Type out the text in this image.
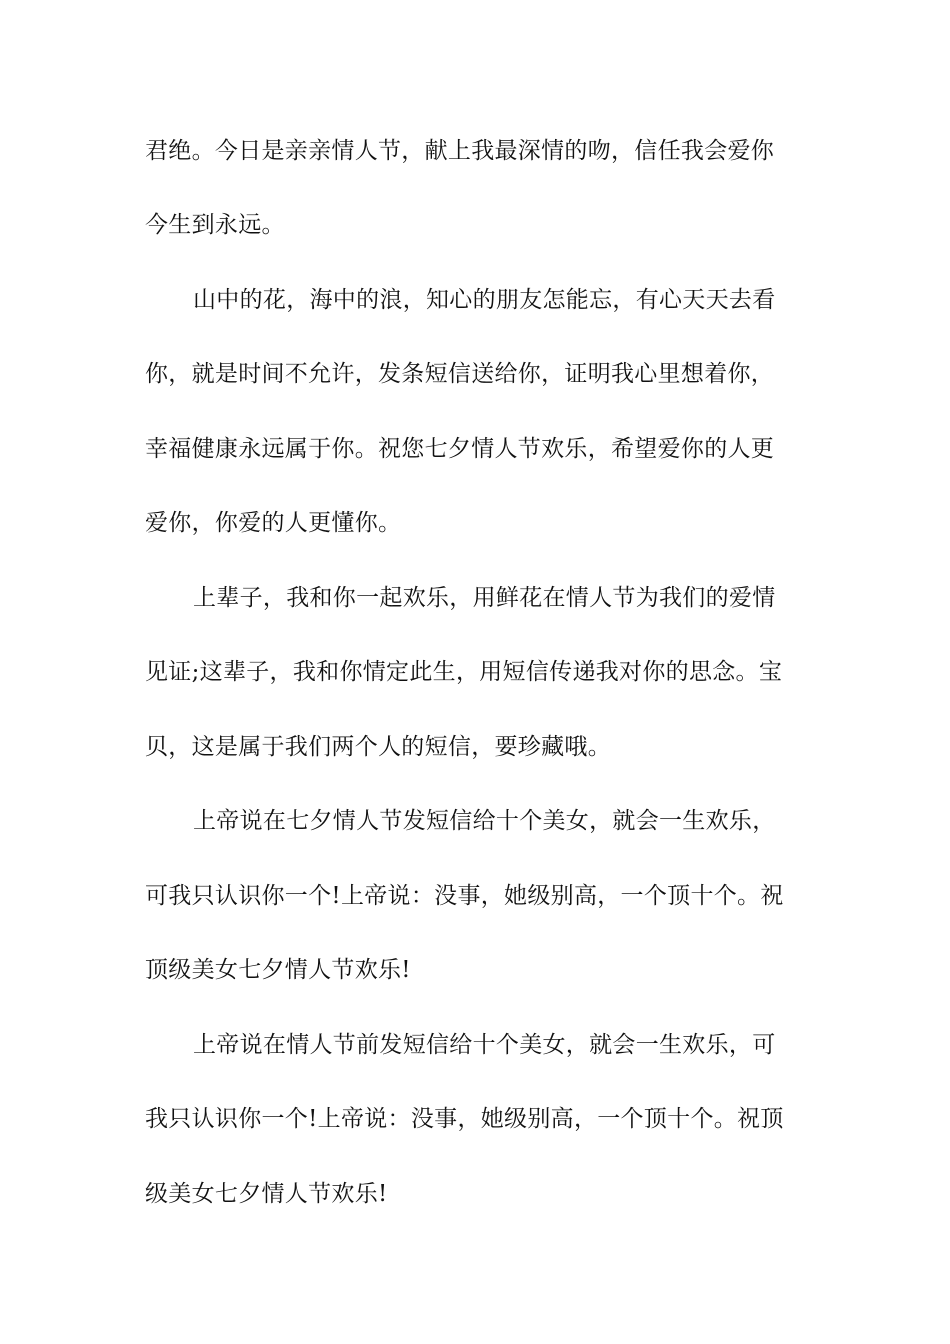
君绝。今日是亲亲情人节，献上我最深情的吻，信任我会爱你
今生到永远。
山中的花，海中的浪，知心的朋友怎能忘，有心天天去看
你，就是时间不允许，发条短信送给你，证明我心里想着你，
幸福健康永远属于你。祝您七夕情人节欢乐，希望爱你的人更
爱你，你爱的人更懂你。
上辈子，我和你一起欢乐，用鲜花在情人节为我们的爱情
见证;这辈子，我和你情定此生，用短信传递我对你的思念。宝
贝，这是属于我们两个人的短信，要珍藏哦。
上帝说在七夕情人节发短信给十个美女，就会一生欢乐，
可我只认识你一个!上帝说：没事，她级别高，一个顶十个。祝
顶级美女七夕情人节欢乐!
上帝说在情人节前发短信给十个美女，就会一生欢乐，可
我只认识你一个!上帝说：没事，她级别高，一个顶十个。祝顶
级美女七夕情人节欢乐!
